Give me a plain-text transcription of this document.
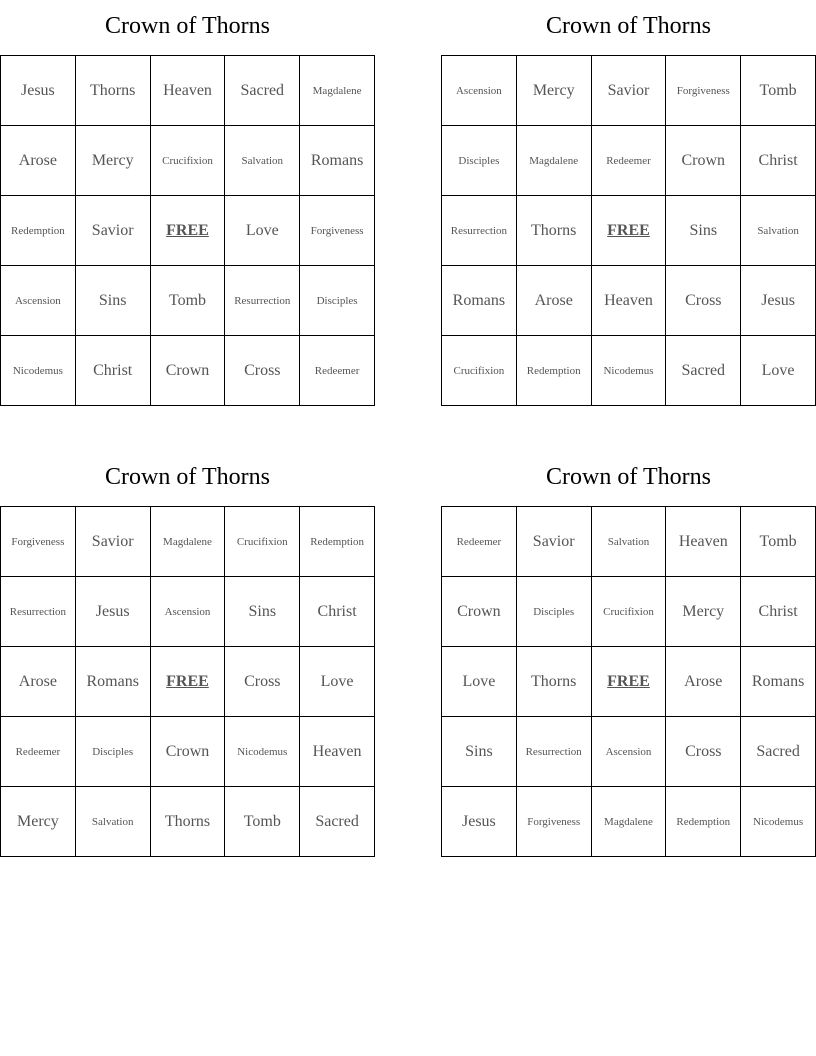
Crown of Thorns
Jesus	Thorns	Heaven	Sacred	Magdalene
Arose	Mercy	Crucifixion	Salvation	Romans
Redemption	Savior	FREE	Love	Forgiveness
Ascension	Sins	Tomb	Resurrection	Disciples
Nicodemus	Christ	Crown	Cross	Redeemer
Crown of Thorns
Ascension	Mercy	Savior	Forgiveness	Tomb
Disciples	Magdalene	Redeemer	Crown	Christ
Resurrection	Thorns	FREE	Sins	Salvation
Romans	Arose	Heaven	Cross	Jesus
Crucifixion	Redemption	Nicodemus	Sacred	Love
Crown of Thorns
Forgiveness	Savior	Magdalene	Crucifixion	Redemption
Resurrection	Jesus	Ascension	Sins	Christ
Arose	Romans	FREE	Cross	Love
Redeemer	Disciples	Crown	Nicodemus	Heaven
Mercy	Salvation	Thorns	Tomb	Sacred
Crown of Thorns
Redeemer	Savior	Salvation	Heaven	Tomb
Crown	Disciples	Crucifixion	Mercy	Christ
Love	Thorns	FREE	Arose	Romans
Sins	Resurrection	Ascension	Cross	Sacred
Jesus	Forgiveness	Magdalene	Redemption	Nicodemus
